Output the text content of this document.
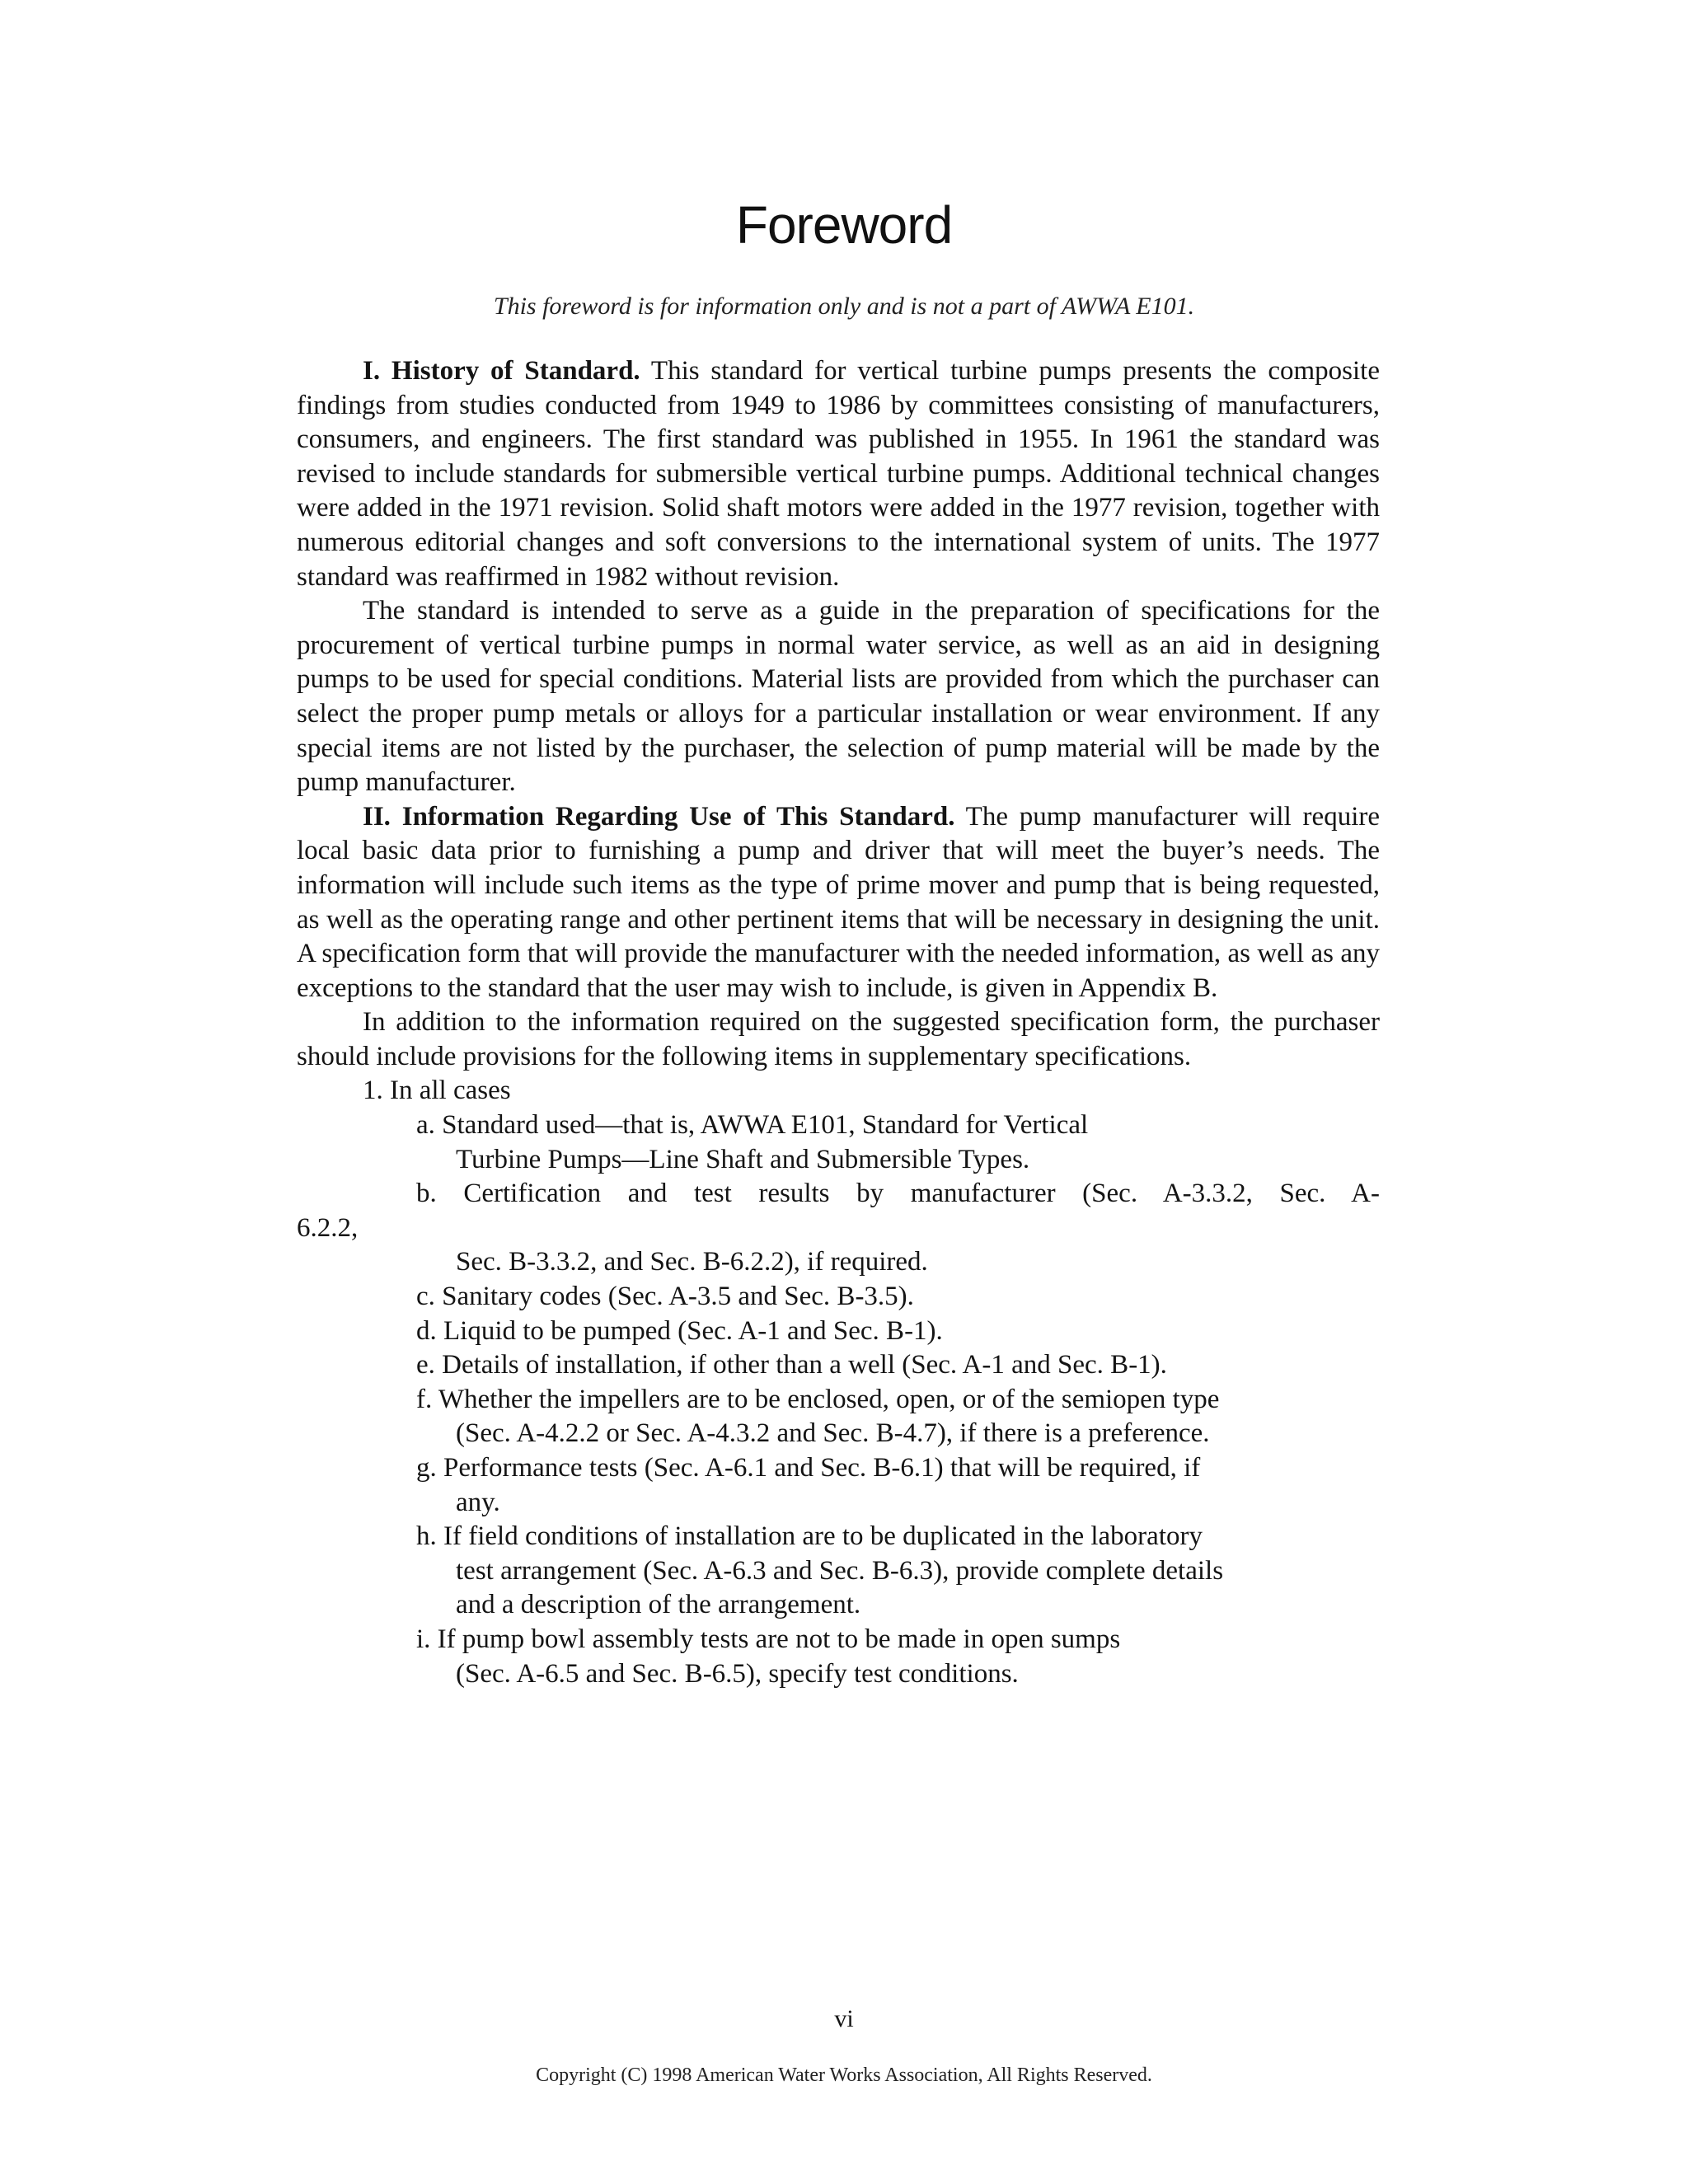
Foreword
This foreword is for information only and is not a part of AWWA E101.

I. History of Standard. This standard for vertical turbine pumps presents the composite findings from studies conducted from 1949 to 1986 by committees consisting of manufacturers, consumers, and engineers. The first standard was published in 1955. In 1961 the standard was revised to include standards for submersible vertical turbine pumps. Additional technical changes were added in the 1971 revision. Solid shaft motors were added in the 1977 revision, together with numerous editorial changes and soft conversions to the international system of units. The 1977 standard was reaffirmed in 1982 without revision.

The standard is intended to serve as a guide in the preparation of specifications for the procurement of vertical turbine pumps in normal water service, as well as an aid in designing pumps to be used for special conditions. Material lists are provided from which the purchaser can select the proper pump metals or alloys for a particular installation or wear environment. If any special items are not listed by the purchaser, the selection of pump material will be made by the pump manufacturer.

II. Information Regarding Use of This Standard. The pump manufacturer will require local basic data prior to furnishing a pump and driver that will meet the buyer’s needs. The information will include such items as the type of prime mover and pump that is being requested, as well as the operating range and other pertinent items that will be necessary in designing the unit. A specification form that will provide the manufacturer with the needed information, as well as any exceptions to the standard that the user may wish to include, is given in Appendix B.

In addition to the information required on the suggested specification form, the purchaser should include provisions for the following items in supplementary specifications.

1. In all cases
a. Standard used—that is, AWWA E101, Standard for Vertical
Turbine Pumps—Line Shaft and Submersible Types.
b. Certification and test results by manufacturer (Sec. A-3.3.2, Sec. A-
6.2.2,
Sec. B-3.3.2, and Sec. B-6.2.2), if required.
c. Sanitary codes (Sec. A-3.5 and Sec. B-3.5).
d. Liquid to be pumped (Sec. A-1 and Sec. B-1).
e. Details of installation, if other than a well (Sec. A-1 and Sec. B-1).
f. Whether the impellers are to be enclosed, open, or of the semiopen type
(Sec. A-4.2.2 or Sec. A-4.3.2 and Sec. B-4.7), if there is a preference.
g. Performance tests (Sec. A-6.1 and Sec. B-6.1) that will be required, if
any.
h. If field conditions of installation are to be duplicated in the laboratory
test arrangement (Sec. A-6.3 and Sec. B-6.3), provide complete details
and a description of the arrangement.
i. If pump bowl assembly tests are not to be made in open sumps
(Sec. A-6.5 and Sec. B-6.5), specify test conditions.
vi
Copyright (C) 1998 American Water Works Association, All Rights Reserved.
